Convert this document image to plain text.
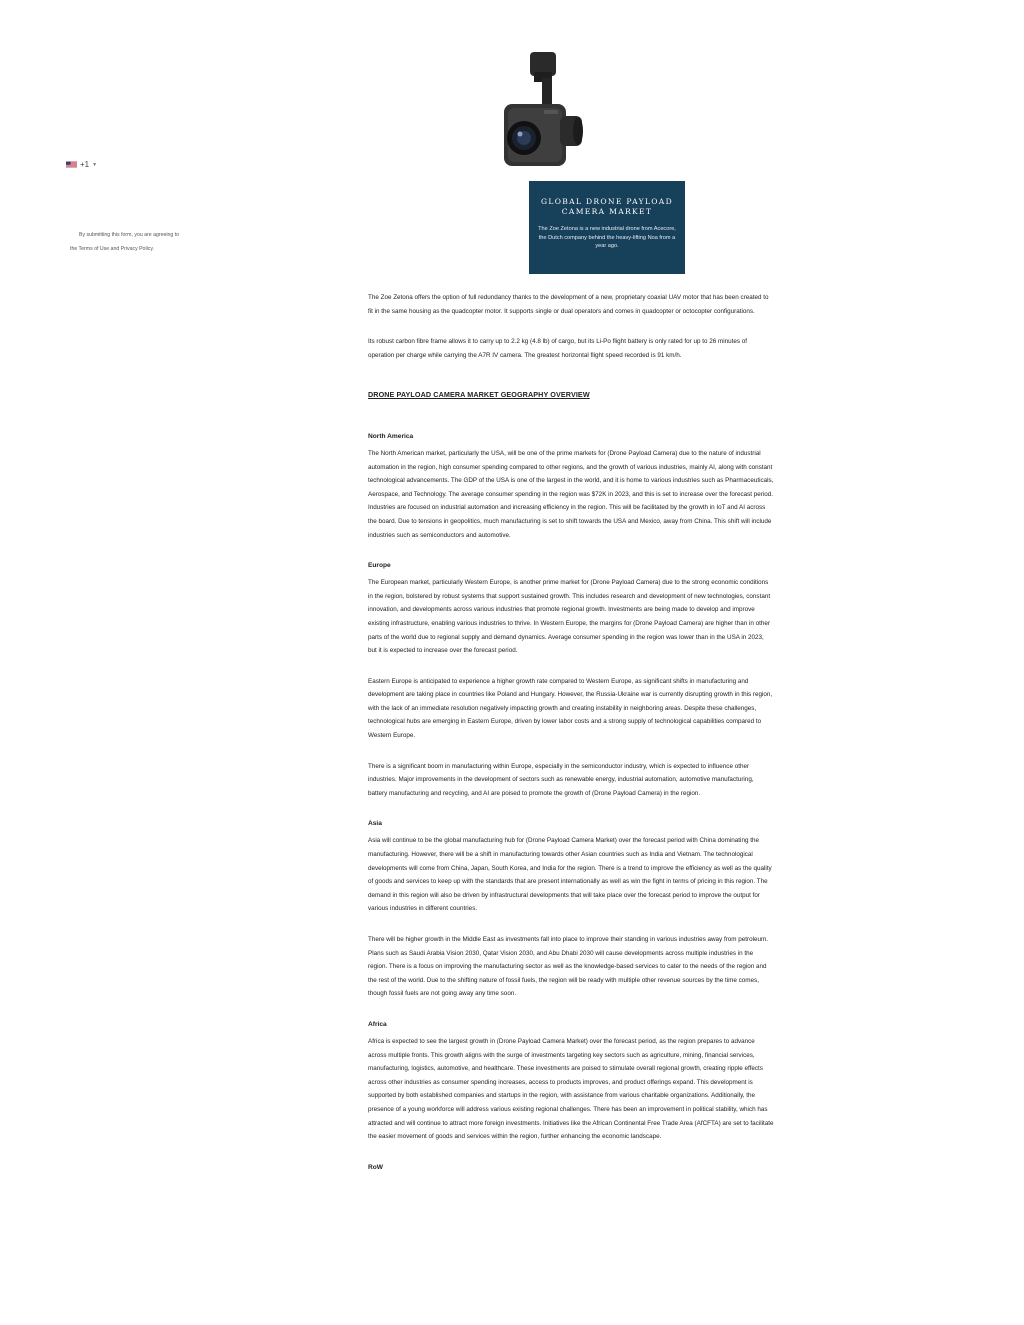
+1 ▼
By submitting this form, you are agreeing to
the Terms of Use and Privacy Policy.
GLOBAL DRONE PAYLOAD CAMERA MARKET
The Zoe Zetona is a new industrial drone from Acecore, the Dutch company behind the heavy-lifting Noa from a year ago.

The Zoe Zetona offers the option of full redundancy thanks to the development of a new, proprietary coaxial UAV motor that has been created to fit in the same housing as the quadcopter motor. It supports single or dual operators and comes in quadcopter or octocopter configurations.

Its robust carbon fibre frame allows it to carry up to 2.2 kg (4.8 lb) of cargo, but its Li-Po flight battery is only rated for up to 26 minutes of operation per charge while carrying the A7R IV camera. The greatest horizontal flight speed recorded is 91 km/h.

DRONE PAYLOAD CAMERA MARKET GEOGRAPHY OVERVIEW
North America

The North American market, particularly the USA, will be one of the prime markets for (Drone Payload Camera) due to the nature of industrial automation in the region, high consumer spending compared to other regions, and the growth of various industries, mainly AI, along with constant technological advancements. The GDP of the USA is one of the largest in the world, and it is home to various industries such as Pharmaceuticals, Aerospace, and Technology. The average consumer spending in the region was $72K in 2023, and this is set to increase over the forecast period. Industries are focused on industrial automation and increasing efficiency in the region. This will be facilitated by the growth in IoT and AI across the board. Due to tensions in geopolitics, much manufacturing is set to shift towards the USA and Mexico, away from China. This shift will include industries such as semiconductors and automotive.

Europe

The European market, particularly Western Europe, is another prime market for (Drone Payload Camera) due to the strong economic conditions in the region, bolstered by robust systems that support sustained growth. This includes research and development of new technologies, constant innovation, and developments across various industries that promote regional growth. Investments are being made to develop and improve existing infrastructure, enabling various industries to thrive. In Western Europe, the margins for (Drone Payload Camera) are higher than in other parts of the world due to regional supply and demand dynamics. Average consumer spending in the region was lower than in the USA in 2023, but it is expected to increase over the forecast period.

Eastern Europe is anticipated to experience a higher growth rate compared to Western Europe, as significant shifts in manufacturing and development are taking place in countries like Poland and Hungary. However, the Russia-Ukraine war is currently disrupting growth in this region, with the lack of an immediate resolution negatively impacting growth and creating instability in neighboring areas. Despite these challenges, technological hubs are emerging in Eastern Europe, driven by lower labor costs and a strong supply of technological capabilities compared to Western Europe.

There is a significant boom in manufacturing within Europe, especially in the semiconductor industry, which is expected to influence other industries. Major improvements in the development of sectors such as renewable energy, industrial automation, automotive manufacturing, battery manufacturing and recycling, and AI are poised to promote the growth of (Drone Payload Camera) in the region.

Asia

Asia will continue to be the global manufacturing hub for (Drone Payload Camera Market) over the forecast period with China dominating the manufacturing. However, there will be a shift in manufacturing towards other Asian countries such as India and Vietnam. The technological developments will come from China, Japan, South Korea, and India for the region. There is a trend to improve the efficiency as well as the quality of goods and services to keep up with the standards that are present internationally as well as win the fight in terms of pricing in this region. The demand in this region will also be driven by infrastructural developments that will take place over the forecast period to improve the output for various industries in different countries.

There will be higher growth in the Middle East as investments fall into place to improve their standing in various industries away from petroleum. Plans such as Saudi Arabia Vision 2030, Qatar Vision 2030, and Abu Dhabi 2030 will cause developments across multiple industries in the region. There is a focus on improving the manufacturing sector as well as the knowledge-based services to cater to the needs of the region and the rest of the world. Due to the shifting nature of fossil fuels, the region will be ready with multiple other revenue sources by the time comes, though fossil fuels are not going away any time soon.

Africa

Africa is expected to see the largest growth in (Drone Payload Camera Market) over the forecast period, as the region prepares to advance across multiple fronts. This growth aligns with the surge of investments targeting key sectors such as agriculture, mining, financial services, manufacturing, logistics, automotive, and healthcare. These investments are poised to stimulate overall regional growth, creating ripple effects across other industries as consumer spending increases, access to products improves, and product offerings expand. This development is supported by both established companies and startups in the region, with assistance from various charitable organizations. Additionally, the presence of a young workforce will address various existing regional challenges. There has been an improvement in political stability, which has attracted and will continue to attract more foreign investments. Initiatives like the African Continental Free Trade Area (AfCFTA) are set to facilitate the easier movement of goods and services within the region, further enhancing the economic landscape.

RoW
